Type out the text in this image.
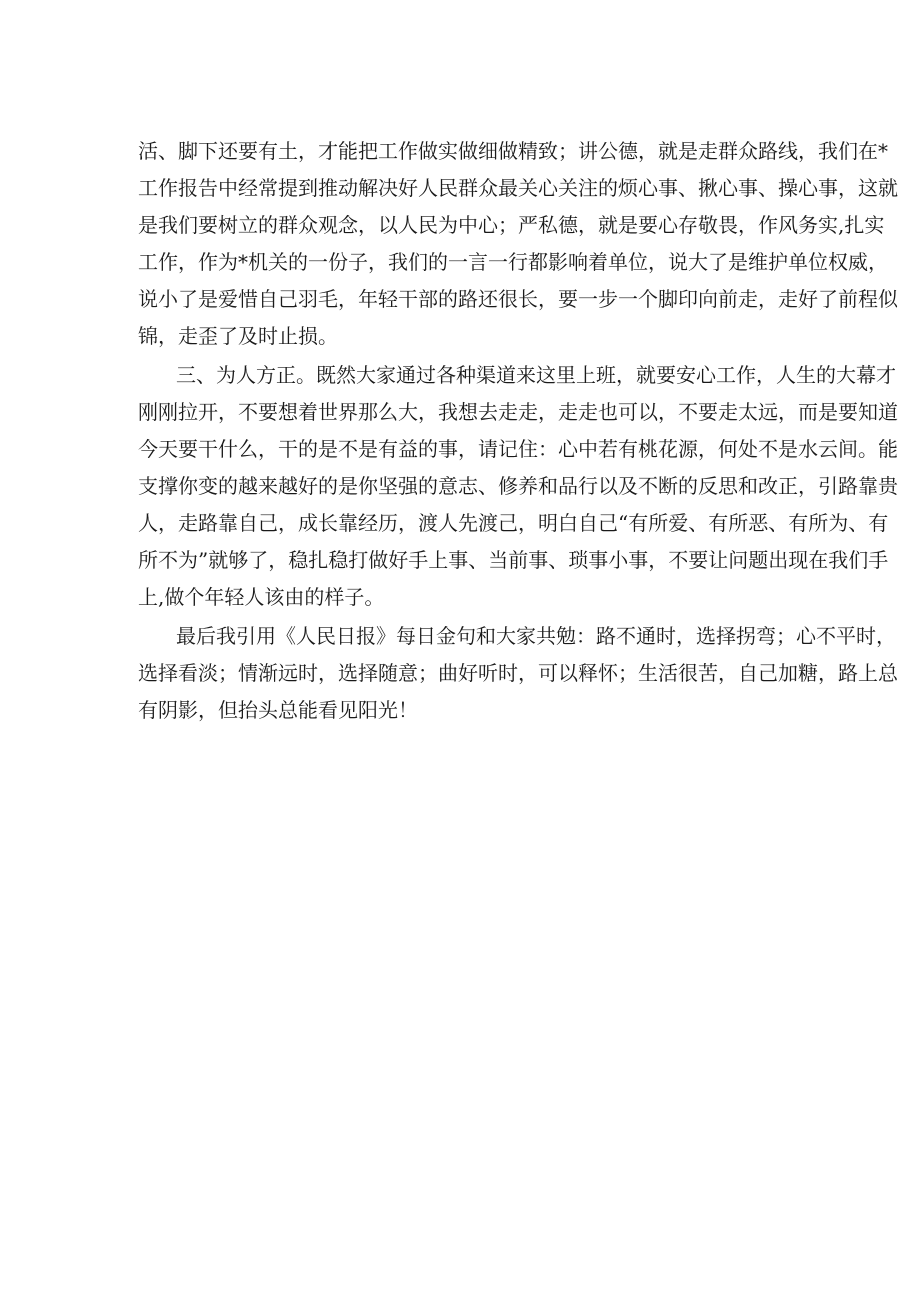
活、脚下还要有土，才能把工作做实做细做精致；讲公德，就是走群众路线，我们在*
工作报告中经常提到推动解决好人民群众最关心关注的烦心事、揪心事、操心事，这就
是我们要树立的群众观念，以人民为中心；严私德，就是要心存敬畏，作风务实,扎实
工作，作为*机关的一份子，我们的一言一行都影响着单位，说大了是维护单位权威，
说小了是爱惜自己羽毛，年轻干部的路还很长，要一步一个脚印向前走，走好了前程似
锦，走歪了及时止损。
三、为人方正。既然大家通过各种渠道来这里上班，就要安心工作，人生的大幕才
刚刚拉开，不要想着世界那么大，我想去走走，走走也可以，不要走太远，而是要知道
今天要干什么，干的是不是有益的事，请记住：心中若有桃花源，何处不是水云间。能
支撑你变的越来越好的是你坚强的意志、修养和品行以及不断的反思和改正，引路靠贵
人，走路靠自己，成长靠经历，渡人先渡己，明白自己“有所爱、有所恶、有所为、有
所不为”就够了，稳扎稳打做好手上事、当前事、琐事小事，不要让问题出现在我们手
上,做个年轻人该由的样子。
最后我引用《人民日报》每日金句和大家共勉：路不通时，选择拐弯；心不平时，
选择看淡；情渐远时，选择随意；曲好听时，可以释怀；生活很苦，自己加糖，路上总
有阴影，但抬头总能看见阳光！
